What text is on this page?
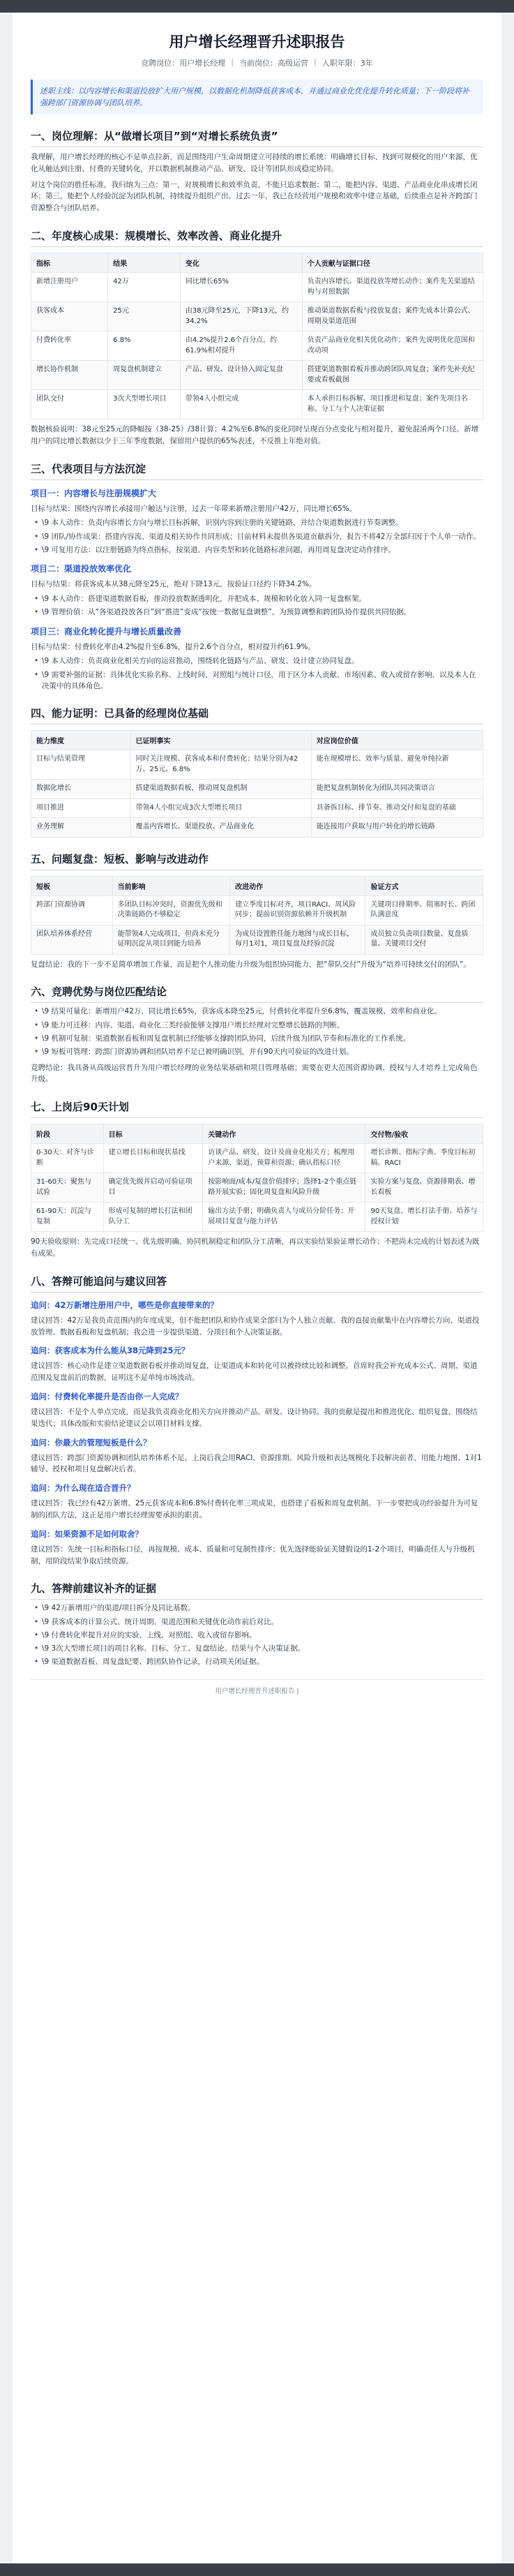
用户增长经理晋升述职报告
竞聘岗位：用户增长经理 | 当前岗位：高级运营 | 入职年限：3年
述职主线：以内容增长和渠道投放扩大用户规模，以数据化机制降低获客成本，并通过商业化优化提升转化质量；下一阶段将补强跨部门资源协调与团队培养。
一、岗位理解：从“做增长项目”到“对增长系统负责”

我理解，用户增长经理的核心不是单点拉新，而是围绕用户生命周期建立可持续的增长系统：明确增长目标、找到可规模化的用户来源，优化从触达到注册、付费的关键转化，并以数据机制推动产品、研发、设计等团队形成稳定协同。

对这个岗位的胜任标准，我归纳为三点：第一，对规模增长和效率负责，不能只追求数据；第二，能把内容、渠道、产品商业化串成增长闭环；第三，能把个人经验沉淀为团队机制，持续提升组织产出。过去一年，我已在经营用户规模和效率中建立基础，后续重点是补齐跨部门资源整合与团队培养。

二、年度核心成果：规模增长、效率改善、商业化提升
指标	结果	变化	个人贡献与证据口径
新增注册用户	42万	同比增长65%	负责内容增长、渠道投放等增长动作；案件先关渠道结构与对照数据
获客成本	25元	由38元降至25元，下降13元，约34.2%	推动渠道数据看板与投放复盘；案件先成本计算公式、周期及渠道范围
付费转化率	6.8%	由4.2%提升2.6个百分点，约61.9%相对提升	负责产品商业化相关优化动作；案件先说明优化范围和改动项
增长协作机制	周复盘机制建立	产品、研发、设计协入固定复盘	搭建渠道数据看板并推动跨团队周复盘；案件先补充纪要或看板截图
团队交付	3次大型增长项目	带领4人小组完成	本人承担目标拆解、项目推进和复盘；案件先项目名称、分工与个人决策证据

数据核验说明：38元至25元的降幅按（38-25）/38计算；4.2%至6.8%的变化同时呈现百分点变化与相对提升，避免混淆两个口径。新增用户的同比增长数据以少于三年季度数据，保留用户提供的65%表述，不反推上年绝对值。

三、代表项目与方法沉淀
项目一：内容增长与注册规模扩大

目标与结果：围绕内容增长承接用户触达与注册，过去一年带来新增注册用户42万，同比增长65%。

• \9 本人动作：负责内容增长方向与增长目标拆解，识别内容到注册的关键链路，并结合渠道数据进行节奏调整。
• \9 团队/协作成果：搭建内容流、渠道及相关协作共同形成；目前材料未提供各渠道贡献拆分，报告不将42万全部归因于个人单一动作。
• \9 可复用方法：以注册链路为终点指标，按渠道、内容类型和转化链路标准问题，再用周复盘决定动作排序。
项目二：渠道投放效率优化

目标与结果：将获客成本从38元降至25元，绝对下降13元，按验证口径约下降34.2%。

• \9 本人动作：搭建渠道数据看板，推动投放数据透明化，并把成本、规模和转化放入同一复盘框架。
• \9 管理价值：从“各渠道投放各自”到“推进”变成“按统一数据复盘调整”，为预算调整和跨团队协作提供共同依据。
项目三：商业化转化提升与增长质量改善

目标与结果：付费转化率由4.2%提升至6.8%，提升2.6个百分点，相对提升约61.9%。

• \9 本人动作：负责商业化相关方向的运营推动，围绕转化链路与产品、研发、设计建立协同复盘。
• \9 需要补强的证据：具体优化实验名称、上线时间、对照组与统计口径，用于区分本人贡献、市场因素、收入或留存影响，以及本人在决策中的具体角色。
四、能力证明：已具备的经理岗位基础
能力维度	已证明事实	对应岗位价值
目标与结果管理	同时关注规模、获客成本和付费转化；结果分别为42万、25元、6.8%	能在规模增长、效率与质量、避免单纯拉新
数据化增长	搭建渠道数据看板，推动周复盘机制	能把复盘机制转化为团队共同决策语言
项目推进	带领4人小组完成3次大型增长项目	具备拆目标、排节奏、推动交付和复盘的基础
业务理解	覆盖内容增长、渠道投放、产品商业化	能连接用户获取与用户转化的增长链路
五、问题复盘：短板、影响与改进动作
短板	当前影响	改进动作	验证方式
跨部门资源协调	多团队目标冲突时，资源优先级和决策链路仍不够稳定	建立季度目标对齐，项目RACI、周风险同步；提前识别资源依赖并升级机制	关键项目排期率、阻塞时长、跨团队满意度
团队培养体系经营	能带领4人完成项目，但尚未充分证明沉淀从项目到能力培养	为成员设置胜任能力地图与成长目标，每月1对1，项目复盘及经验沉淀	成员独立负责项目数量、复盘质量、关键项目交付

复盘结论：我的下一步不是简单增加工作量，而是把个人推动能力升级为组织协同能力，把“带队交付”升级为“培养可持续交付的团队”。

六、竞聘优势与岗位匹配结论
• \9 结果可量化：新增用户42万，同比增长65%，获客成本降至25元，付费转化率提升至6.8%，覆盖规模、效率和商业化。
• \9 能力可迁移：内容、渠道、商业化三类经验能够支撑用户增长经理对完整增长链路的判断。
• \9 机制可复制：渠道数据看板和周复盘机制已经能够支撑跨团队协同，后续升级为团队节奏和标准化的工作系统。
• \9 短板可管理：跨部门资源协调和团队培养不足已被明确识别，并有90天内可验证的改进计划。

竞聘结论：我具备从高级运营晋升为用户增长经理的业务结果基础和项目管理基础；需要在更大范围资源协调、授权与人才培养上完成角色升级。

七、上岗后90天计划
阶段	目标	关键动作	交付物/验收
0-30天：对齐与诊断	建立增长目标和现状基线	访谈产品、研发、设计及商业化相关方；梳理用户来源、渠道、预算和资源；确认指标口径	增长诊断、指标字典、季度目标初稿、RACI
31-60天：聚焦与试验	确定优先级并启动可验证项目	按影响面/成本/复盘价值排序；选择1-2个重点链路开展实验；固化周复盘和风险升级	实验方案与复盘、资源排期表、增长看板
61-90天：沉淀与复制	形成可复制的增长打法和团队分工	输出方法手册；明确负责人与成员分阶任务；开展项目复盘与能力评估	90天复盘、增长打法手册、培养与授权计划

90天验收原则：先完成口径统一、优先级明确、协同机制稳定和团队分工清晰，再以实验结果验证增长动作；不把尚未完成的计划表述为既有成果。

八、答辩可能追问与建议回答
追问：42万新增注册用户中，哪些是你直接带来的？

建议回答：42万是我负责范围内的年度成果，但不能把团队和协作成果全部归为个人独立贡献。我的直接贡献集中在内容增长方向、渠道投放管理、数据看板和复盘机制；我会进一步提供渠道、分项目和个人决策证据。

追问：获客成本为什么能从38元降到25元？

建议回答：核心动作是建立渠道数据看板并推动周复盘，让渠道成本和转化可以被持续比较和调整。首席时我会补充成本公式、周期、渠道范围及复盘前后的数据，证明这不是单纯市场波动。

追问：付费转化率提升是否由你一人完成？

建议回答：不是个人单点完成，而是我负责商业化相关方向并推动产品、研发、设计协同。我的贡献是提出和推进优化、组织复盘、围绕结果迭代；具体改版和实验结论建议会以项目材料支撑。

追问：你最大的管理短板是什么？

建议回答：跨部门资源协调和团队培养体系不足。上岗后我会用RACI、资源排期、风险升级和表达规模化手段解决前者，用能力地图、1对1辅导、授权和项目复盘解决后者。

追问：为什么现在适合晋升？

建议回答：我已经有42万新增、25元获客成本和6.8%付费转化率三项成果，也搭建了看板和周复盘机制。下一步要把成功经验提升为可复制的团队方法，这正是用户增长经理需要承担的职责。

追问：如果资源不足如何取舍？

建议回答：先统一目标和指标口径，再按规模、成本、质量和可复制性排序；优先选择能验证关键假设的1-2个项目，明确责任人与升级机制，用阶段结果争取后续资源。

九、答辩前建议补齐的证据
• \9 42万新增用户的渠道/项目拆分及同比基数。
• \9 获客成本的计算公式、统计周期、渠道范围和关键优化动作前后对比。
• \9 付费转化率提升对应的实验、上线、对照组、收入或留存影响。
• \9 3次大型增长项目的项目名称、目标、分工、复盘结论、结果与个人决策证据。
• \9 渠道数据看板、周复盘纪要、跨团队协作记录，行动项关闭证据。
用户增长经理晋升述职报告 |
